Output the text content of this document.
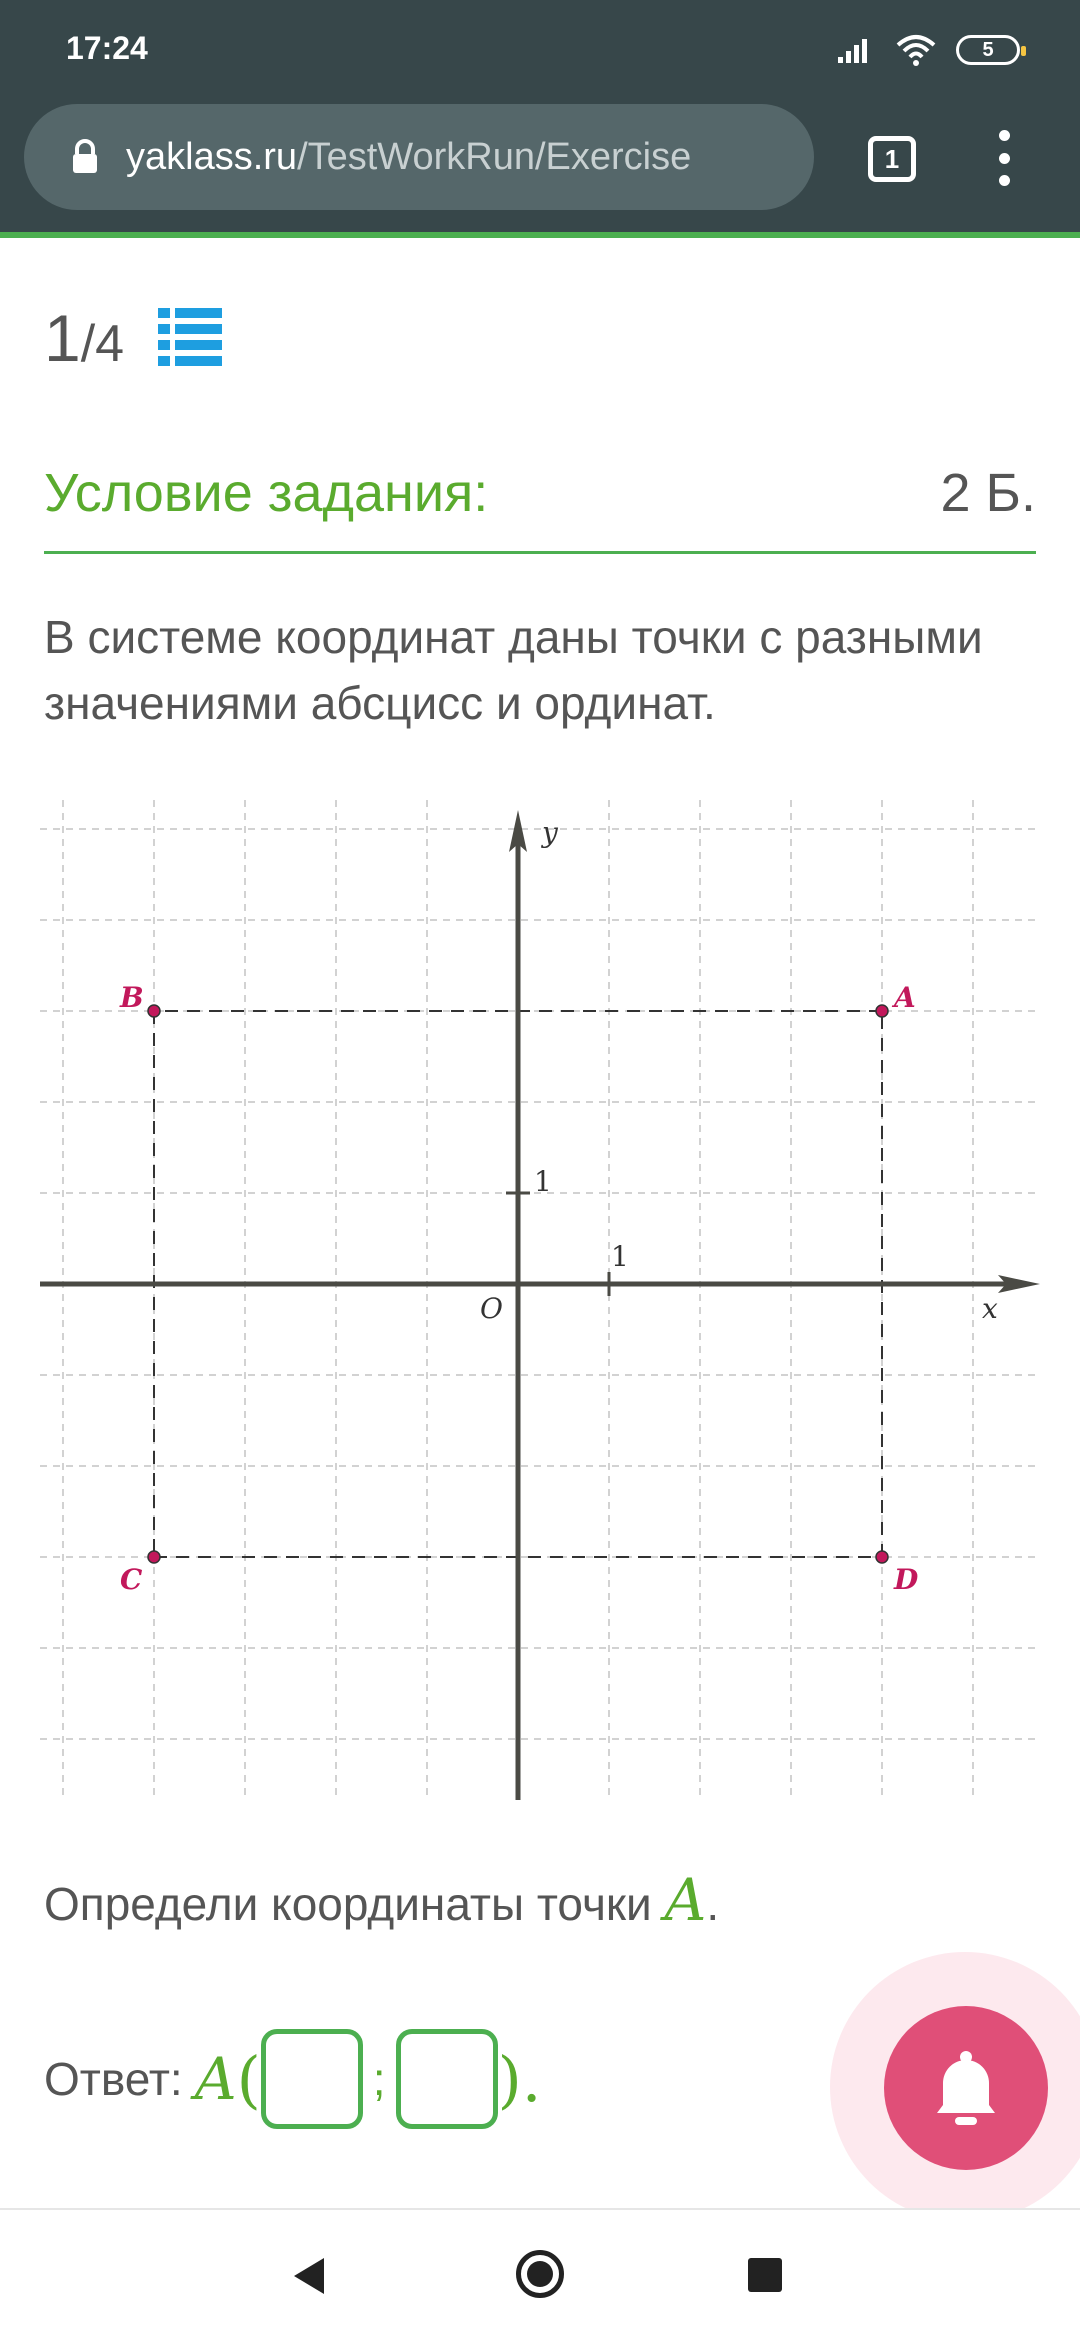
17:24	5
yaklass.ru/TestWorkRun/Exercise	1
1 /4
Условие задания:	2 Б.
В системе координат даны точки с разными значениями абсцисс и ординат.
1
1
O	x
y
A
B
C	D
Определи координаты точки A.
Ответ: A ( ; ).
